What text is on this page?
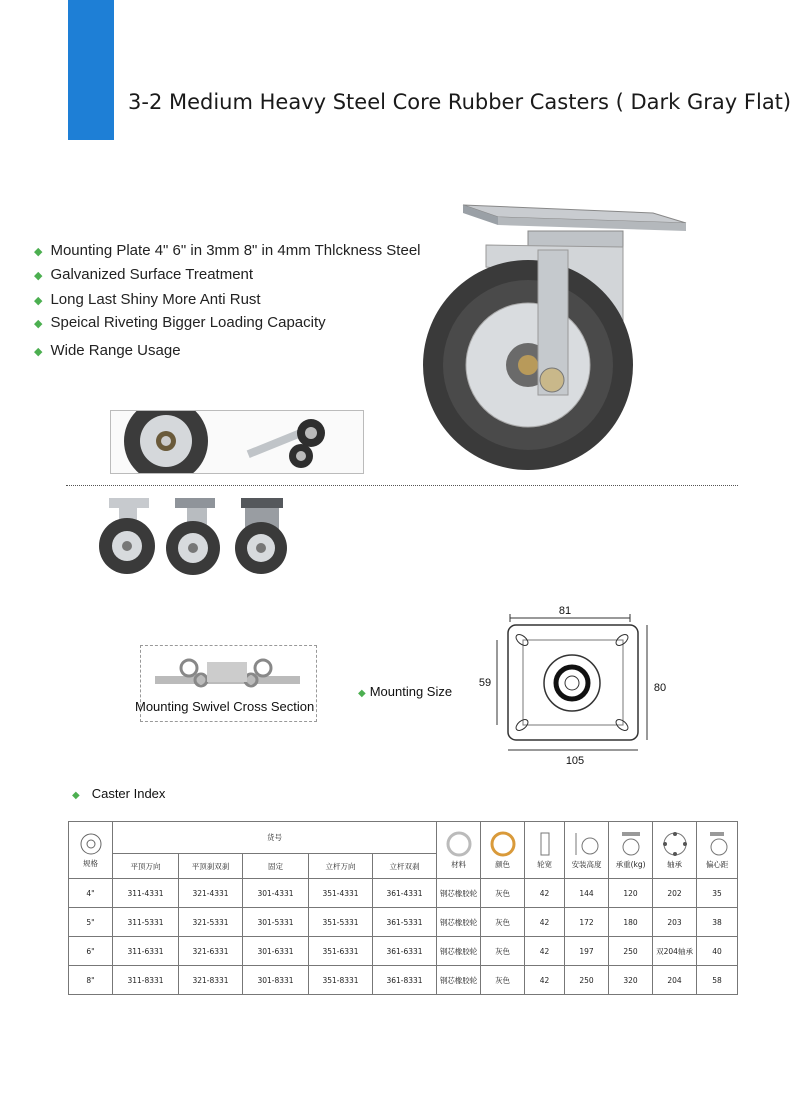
3-2 Medium Heavy Steel Core Rubber Casters ( Dark Gray Flat)
◆ Mounting Plate 4" 6" in 3mm 8" in 4mm Thlckness Steel
◆ Galvanized Surface Treatment
◆ Long Last Shiny More Anti Rust
◆ Speical Riveting Bigger Loading Capacity
◆ Wide Range Usage
Mounting Swivel Cross Section
◆ Mounting Size
81
59	80
105
◆ Caster Index

规格	货号					材料	颜色	轮宽	安装高度	承重(kg)	轴承	偏心距
	平顶万向	平顶刹双刹	固定	立杆万向	立杆双刹							
4"	311-4331	321-4331	301-4331	351-4331	361-4331	钢芯橡胶轮	灰色	42	144	120	202	35
5"	311-5331	321-5331	301-5331	351-5331	361-5331	钢芯橡胶轮	灰色	42	172	180	203	38
6"	311-6331	321-6331	301-6331	351-6331	361-6331	钢芯橡胶轮	灰色	42	197	250	双204轴承	40
8"	311-8331	321-8331	301-8331	351-8331	361-8331	钢芯橡胶轮	灰色	42	250	320	204	58
